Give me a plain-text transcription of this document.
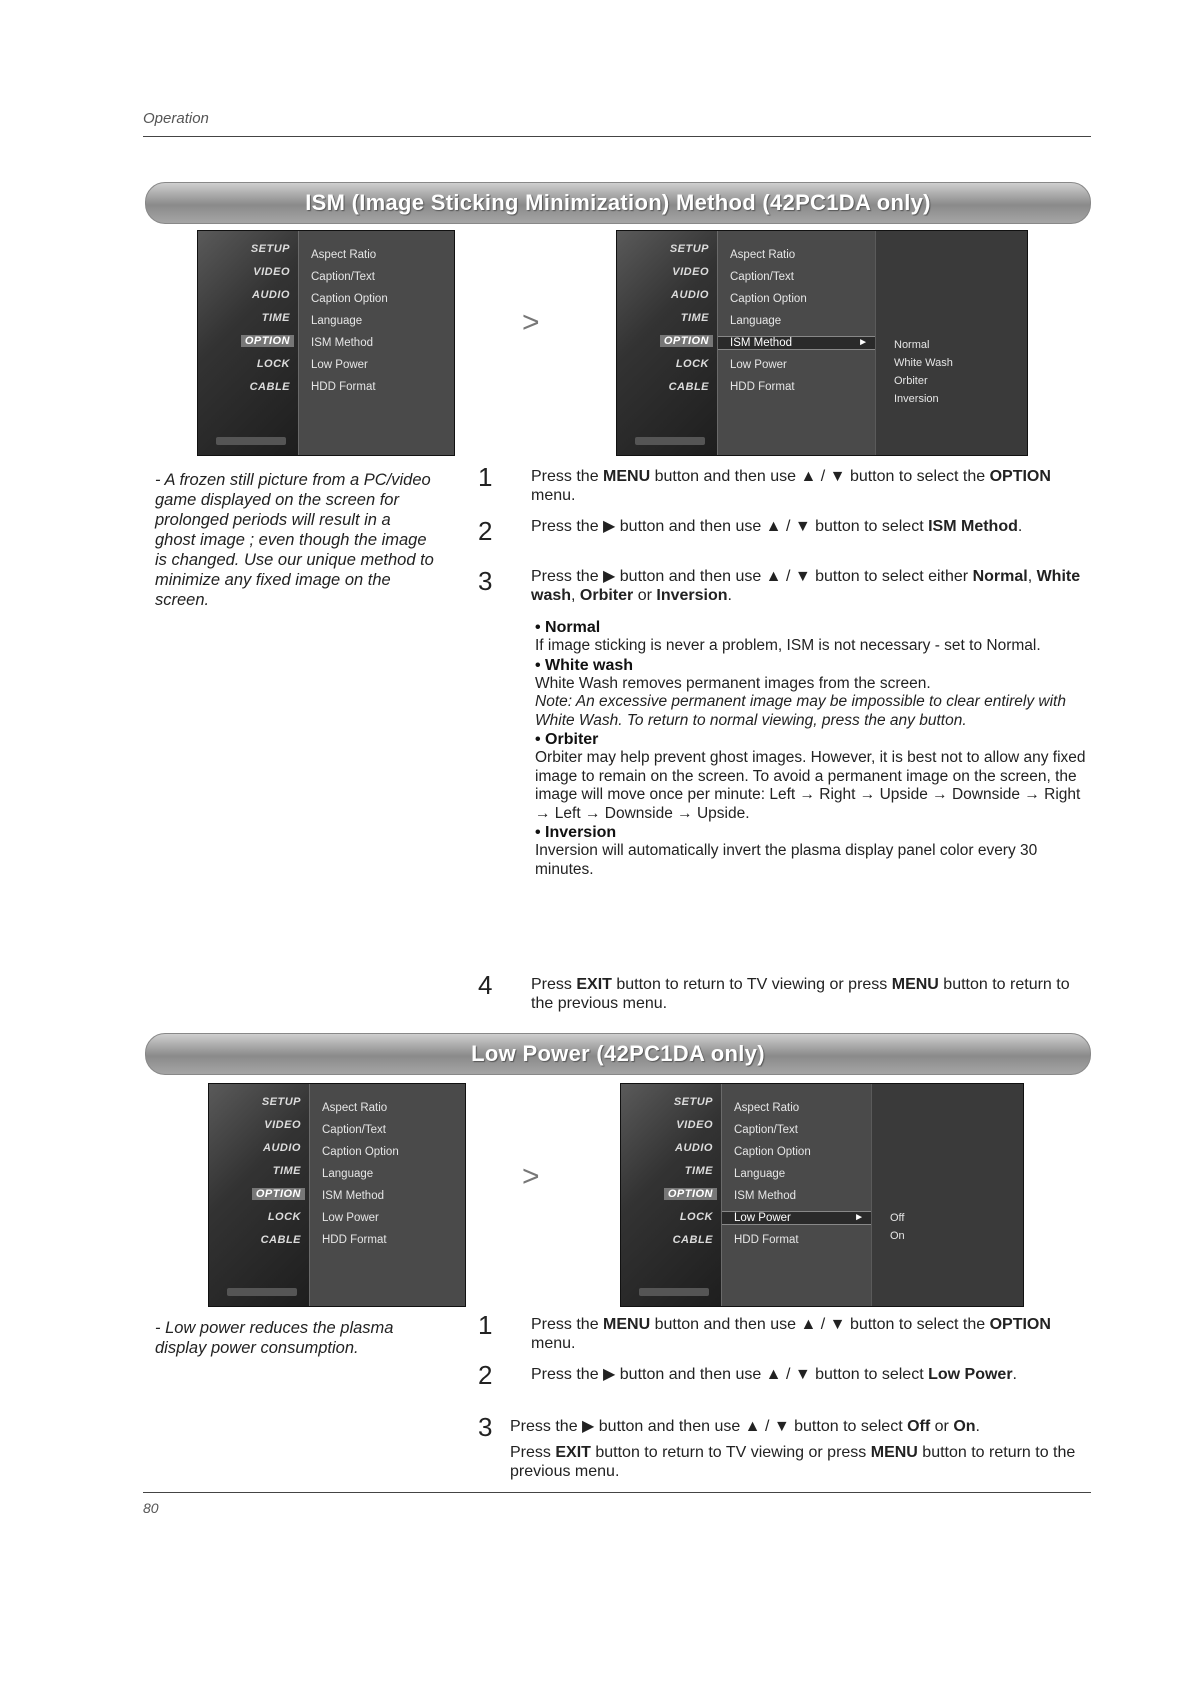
Operation
ISM (Image Sticking Minimization) Method (42PC1DA only)
SETUP
VIDEO
AUDIO
TIME
OPTION
LOCK
CABLE
Aspect Ratio
Caption/Text
Caption Option
Language
ISM Method
Low Power
HDD Format
>
SETUP
VIDEO
AUDIO
TIME
OPTION
LOCK
CABLE
Aspect Ratio
Caption/Text
Caption Option
Language
ISM Method	►
Low Power
HDD Format
Normal
White Wash
Orbiter
Inversion
- A frozen still picture from a PC/video game displayed on the screen for prolonged periods will result in a ghost image ; even though the image is changed. Use our unique method to minimize any fixed image on the screen.
1 Press the MENU button and then use ▲ / ▼ button to select the OPTION menu.
2 Press the ▶ button and then use ▲ / ▼ button to select ISM Method.
3 Press the ▶ button and then use ▲ / ▼ button to select either Normal, White wash, Orbiter or Inversion.
• Normal
If image sticking is never a problem, ISM is not necessary - set to Normal.
• White wash
White Wash removes permanent images from the screen.
Note: An excessive permanent image may be impossible to clear entirely with White Wash. To return to normal viewing, press the any button.
• Orbiter
Orbiter may help prevent ghost images. However, it is best not to allow any fixed image to remain on the screen. To avoid a permanent image on the screen, the image will move once per minute: Left → Right → Upside → Downside → Right → Left → Downside → Upside.
• Inversion
Inversion will automatically invert the plasma display panel color every 30 minutes.
4 Press EXIT button to return to TV viewing or press MENU button to return to the previous menu.
Low Power (42PC1DA only)
SETUP
VIDEO
AUDIO
TIME
OPTION
LOCK
CABLE
Aspect Ratio
Caption/Text
Caption Option
Language
ISM Method
Low Power
HDD Format
>
SETUP
VIDEO
AUDIO
TIME
OPTION
LOCK
CABLE
Aspect Ratio
Caption/Text
Caption Option
Language
ISM Method
Low Power	►
HDD Format
Off
On
- Low power reduces the plasma display power consumption.
1 Press the MENU button and then use ▲ / ▼ button to select the OPTION menu.
2 Press the ▶ button and then use ▲ / ▼ button to select Low Power.
3 Press the ▶ button and then use ▲ / ▼ button to select Off or On.
Press EXIT button to return to TV viewing or press MENU button to return to the previous menu.
80
